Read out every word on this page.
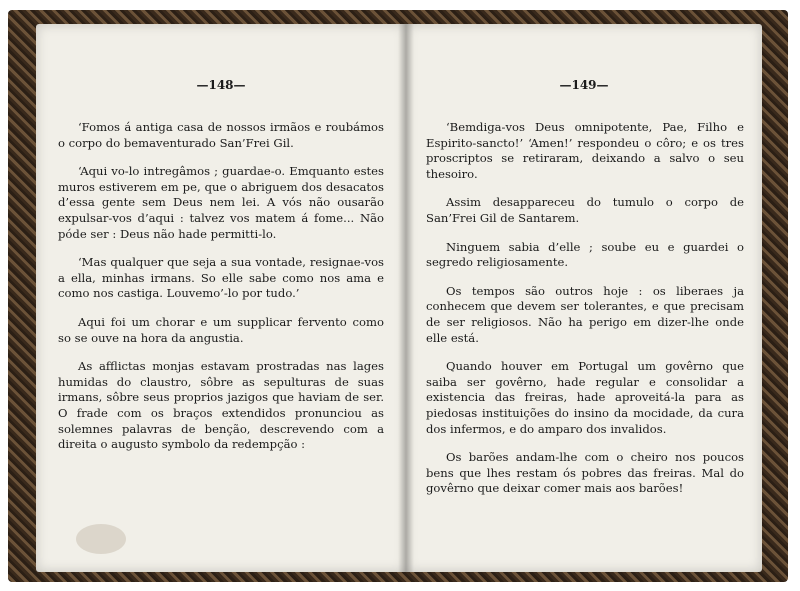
—148—

‘Fomos á antiga casa de nossos irmãos e roubámos o corpo do bemaventurado San’Frei Gil.

‘Aqui vo-lo intregâmos ; guardae-o. Emquanto estes muros estiverem em pe, que o abriguem dos desacatos d’essa gente sem Deus nem lei. A vós não ousarão expulsar-vos d’aqui : talvez vos matem á fome... Não póde ser : Deus não hade permitti-lo.

‘Mas qualquer que seja a sua vontade, resignae-vos a ella, minhas irmans. So elle sabe como nos ama e como nos castiga. Louvemo’-lo por tudo.’

Aqui foi um chorar e um supplicar fervento como so se ouve na hora da angustia.

As afflictas monjas estavam prostradas nas lages humidas do claustro, sôbre as sepulturas de suas irmans, sôbre seus proprios jazigos que haviam de ser. O frade com os braços extendidos pronunciou as solemnes palavras de benção, descrevendo com a direita o augusto symbolo da redempção :

—149—

‘Bemdiga-vos Deus omnipotente, Pae, Filho e Espirito-sancto!’ ‘Amen!’ respondeu o côro; e os tres proscriptos se retiraram, deixando a salvo o seu thesoiro.

Assim desappareceu do tumulo o corpo de San’Frei Gil de Santarem.

Ninguem sabia d’elle ; soube eu e guardei o segredo religiosamente.

Os tempos são outros hoje : os liberaes ja conhecem que devem ser tolerantes, e que precisam de ser religiosos. Não ha perigo em dizer-lhe onde elle está.

Quando houver em Portugal um govêrno que saiba ser govêrno, hade regular e consolidar a existencia das freiras, hade aproveitá-la para as piedosas instituições do insino da mocidade, da cura dos infermos, e do amparo dos invalidos.

Os barões andam-lhe com o cheiro nos poucos bens que lhes restam ós pobres das freiras. Mal do govêrno que deixar comer mais aos barões!
